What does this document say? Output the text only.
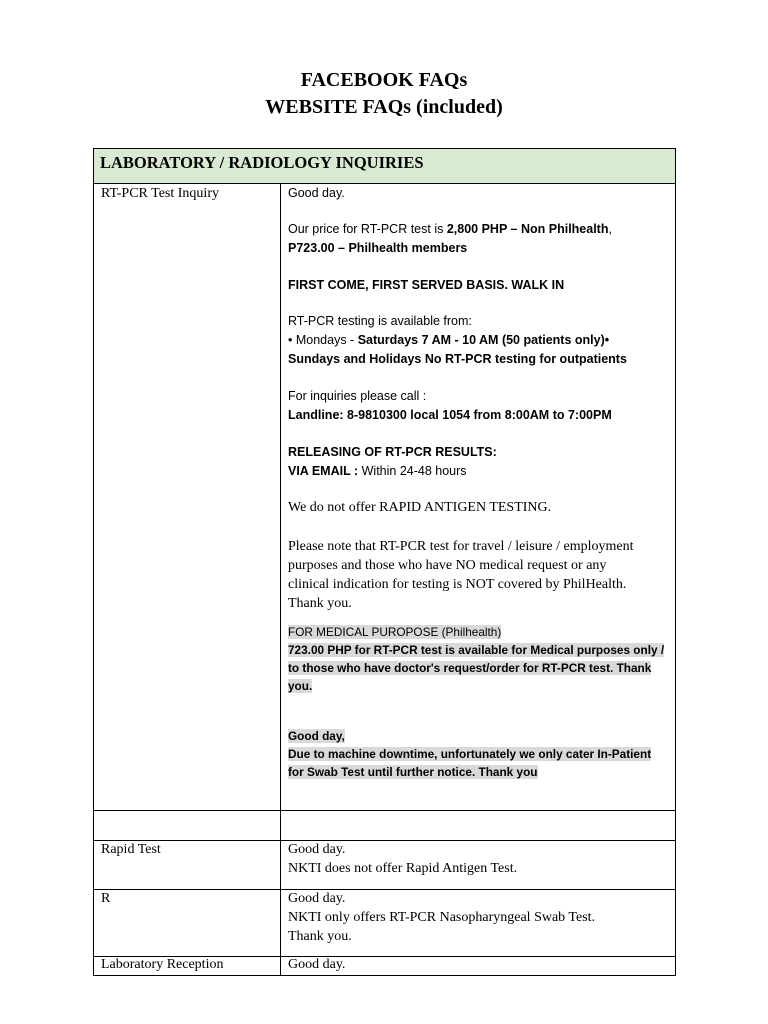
FACEBOOK FAQs
WEBSITE FAQs (included)
LABORATORY / RADIOLOGY INQUIRIES
RT-PCR Test Inquiry	Good day.
Our price for RT-PCR test is 2,800 PHP – Non Philhealth,
P723.00 – Philhealth members
FIRST COME, FIRST SERVED BASIS. WALK IN
RT-PCR testing is available from:
• Mondays - Saturdays 7 AM - 10 AM (50 patients only)•
Sundays and Holidays No RT-PCR testing for outpatients
For inquiries please call :
Landline: 8-9810300 local 1054 from 8:00AM to 7:00PM
RELEASING OF RT-PCR RESULTS:
VIA EMAIL : Within 24-48 hours
We do not offer RAPID ANTIGEN TESTING.
Please note that RT-PCR test for travel / leisure / employment
purposes and those who have NO medical request or any
clinical indication for testing is NOT covered by PhilHealth.
Thank you.
FOR MEDICAL PUROPOSE (Philhealth)
723.00 PHP for RT-PCR test is available for Medical purposes only /
to those who have doctor's request/order for RT-PCR test. Thank
you.
Good day,
Due to machine downtime, unfortunately we only cater In-Patient
for Swab Test until further notice. Thank you
Rapid Test	Good day.
NKTI does not offer Rapid Antigen Test.
R	Good day.
NKTI only offers RT-PCR Nasopharyngeal Swab Test.
Thank you.
Laboratory Reception	Good day.
